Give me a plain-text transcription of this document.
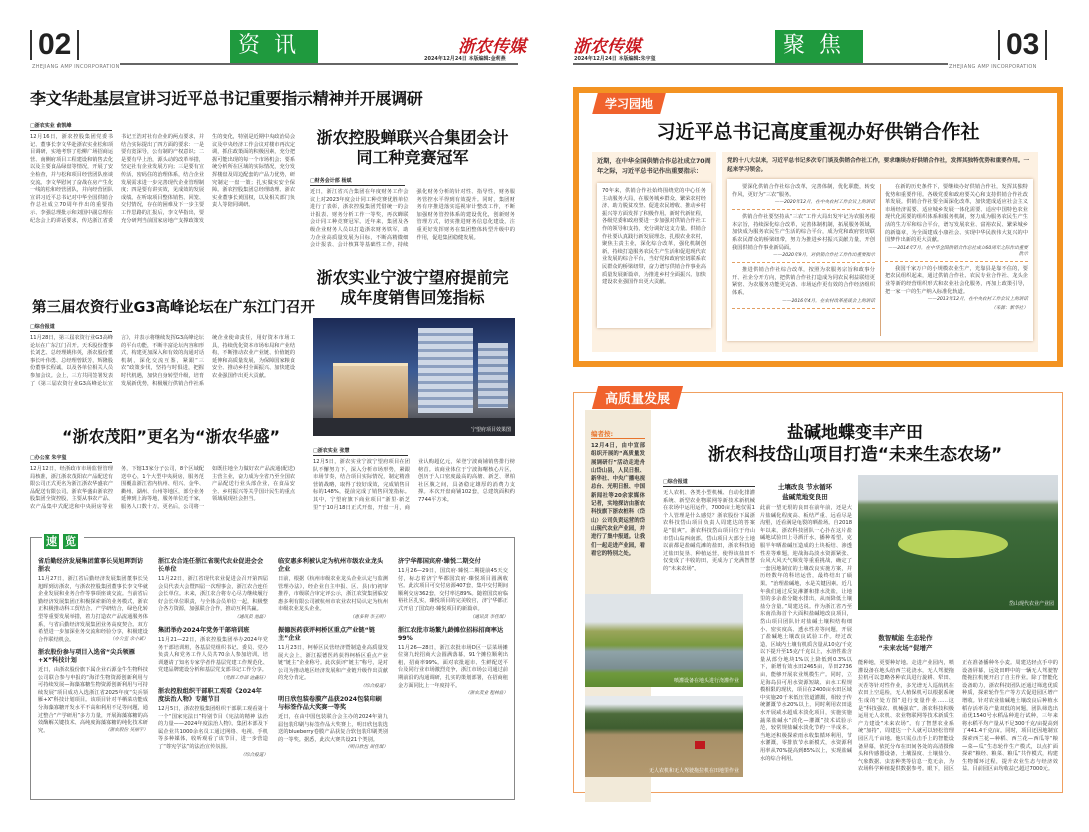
02
ZHEJIANG AMP INCORPORATION
资讯	浙农传媒
2024年12月24日 本版编辑:金莉燕
李文华赴基层宣讲习近平总书记重要指示精神并开展调研
□浙农实业 俞凯峰
12月16日，浙农控股集团党委书记、董事长李文华赴浙农实业松和项目调研，实地考察了松柳广场招商运营、南侧府项目工程建设和销售去化以及主要食品绿盘等情况，开展了安全检查，并与松和项目经营团队座谈交流。李文华慰问了奋战在房产生化一线的松和经营团队，并向经营团队宣讲习近平总书记对中华全国供销合作总社成立70周年作出的重要指示、李强总理批示和刘国中副总理在纪念会上的讲话要求，传达浙江省委书记王浩对社有企业的两点要求，并结合实际提出了四方面的要求：一是要有宽深导，公有制的产权意识；二是要有早上治，源头动的改革举措，坚定社有企业发展方向；三是要有宣传活，密码住的治理体系，结合企业发展需求进一步完善现代企业管理制度；四是要有讲实效，见成效的发展成绩。在听取项目整体销售、回笼、交付情况，存在的困难及下一步主要工作思路的汇报后，李文华指出，要充分研判当前国家房地产支撑政策发生的变化，特别是近期中央政治局会议及中央经济工作会议对楼市再次定调，抓住政策面的积极因素，充分把握可能出现的每一个市场机会；要系统分析所在区域的实际情况，充分发挥楼盘及周边配套的产品力优势，研究制定一盘一策；扎实做实安全保障。浙农控股集团总经理助理、浙农实业董事长黄国权，以及相关部门负责人等陪同调研。
浙农控股蝉联兴合集团会计同工种竞赛冠军
□财务会计部 杨斌
近日，浙江省兴合集团在年度财务工作会议上对2023年度会计同工种竞赛优胜单位进行了表彰，浙农控股集团凭借统一的会计报表、财务分析工作一等奖，再次蝉联会计同工种竞赛冠军。近年来，集团及各级企业财务人员以打造浙农财务铁军，助力企业高质量发展为目标，不断高精微细会计报表、会计核算等基础性工作，持续强化财务分析的针对性、指导性，财务服务管控水平得到有效提升。同时，集团财务有序推进落实巡视审计整改工作，不断加强财务管控体系的建设优化，创新财务管理方式，切实推进财务信息化建设，注重更好发挥财务在集团整体转型升级中的作用，促进集团稳健发展。
浙农实业宁波宁望府提前完成年度销售回笼指标
宁望府项目效果图
□浙农实业 张慧
12月5日，浙农实业宁波宁望府项目在团队不懈努力下，深入分析市场形势，紧跟市场节奏，结合项目实际情况，制定精准营销战略，取得了较好成效，完成销售目标的148%，提前完成了销售回笼指标。其中，宁望府旗下商业项目“浙里·新芝里”于10月18日正式开盘，开盘一月，商业认购超亿元，荣登宁波商铺销售排行榜榜首。该商业体位于宁波海曙核心片区，创历于人口密度最高的高塘、新芝、翠柏社区腹之间，具备稳定雄厚的消费力支撑。本次开盘商铺102套，总建筑面积约7744平方米。
第三届农资行业G3高峰论坛在广东江门召开
□综合报道
11月28日，第三届农资行业G3高峰论坛在广东江门召开。天禾股份董事长刘艺、总经理姚伟英，浙农股份董事长叶伟勇、总经理曾跃芳，辉隆股份董事长程诚，以及各单位相关人员参加会议。会上，三方共同签署发表了《第三届农资行业G3高峰论坛宣言》，并表示将继续发挥G3高峰论坛的平台功能，不断丰富论坛内容和形式，构建更加深入和有效的沟通对话机制，深化交流互鉴，紧跟“三农”政策步伐，坚持与时俱进，把握时代机遇，加快自身转型升级，培育发展新优势，积极履行供销合作社系统企业使命责任，用好资本市场工具，持续优化资本市场布局和产业结构，不断推动农业产业链、价值链的延伸和高质量发展，为保障国家粮食安全、推动乡村全面振兴、加快建设农业强国作出更大贡献。
“浙农茂阳”更名为“浙农华盛”
□办公室 朱宇玺
12月12日，经浙政市市场监督管理局核准，浙江浙农茂阳农产品配送有限公司正式更名为浙江浙农华盛农产品配送有限公司。浙农华盛由浙农控股集团全资控股，主要从事农产品、农产品集中式配送和中央厨房等业务，下辖13家分子公司，8个区域配送中心，1个大型中央厨房，服务范围覆盖浙江省内杭州、绍兴、金华、衢州、湖州、台州等地区，部分业务延伸到上海等地，服务单位近千家，服务人口数十万。更名后，公司将一如既往地全力做好农产品流通(配送)主营主业，奋力成为全省乃至全国农产品配送行业头部企业，在食品安全、乡村振兴等关乎国计民生的重点领域展现社会担当。
速 览
省后勤经济发展集团董事长吴旭晖到访浙农
11月27日，浙江省后勤经济发展集团董事长吴旭晖到访浙农，与浙农控股集团董事长李文华就企业发展和业务合作等事项座谈交流。当前省后勤经济发展集团正积极探索新的业务模式，浙农正积极推动科工贸结合、产学研结合，绿色化转型等重要发展举措，着力打造农产品流通服务体系，与省后勤经济发展集团业务高度契合。双方希望进一步加深业务交流和经验分享，积极建设合作联结机会。	（办公室 余小斌）
浙农股份参与项目入选省“尖兵领雁+X”科技计划
近日，由浙农股份旗下属企业石源金牛生物科技公司联合参与申报的“海洋生物资源创新利用与可持续发展—海藻寡糖生物资源创新利用与可持续发展”项目成功入选浙江省2025年度“尖兵领雁+X”科技计划项目。该项目针对羊栖菜功能成分海藻寡糖开发水平不高和利用不足等问题，通过整合“产学研用”多方力量，开展海藻寡糖的高效酶解关键技术、高纯度海藻寡糖的纯化技术研究。	（浙农股份 吴丽宇）
浙江农合连任浙江省现代农业促进会会长单位
11月22日，浙江省现代农业促进会召开第四届会员代表大会暨四届一次理事会，浙江农合连任会长单位。未来，浙江农合将专心尽力继续履行好会长单位职责，与全体会员单位一起，积极整合各方资源，加强联合合作，推动互利共赢。
（通讯员 池磊）
集团举办2024年党务干部培训班
11月21—22日，浙农控股集团举办2024年党务干部培训班，各基层党组织书记、委员、党办负责人和党务工作人员共70余人参加培训。培训邀请了知名专家学者作基层党建工作规范化、党建品牌建设分析和基层党支部书记工作分享。
（党群工作部 池鑫钰）
浙农控股组织干部职工观看《2024年度法治人物》专题节目
12月5日，浙农控股集团组织干部职工观看第十一个“国家宪法日”特别节目《宪法的精神 法治的力量——2024年度法治人物》。集团本部及下属企业共1000余名员工通过网络、电视、手机等多种媒体，收听观看了该节目，进一步营造了“尊宪学法”的法治宣传氛围。
（综合报道）
临安惠多利被认定为杭州市级农业龙头企业
日前，根据《杭州市级农业龙头企业认定与监测管理办法》，经企业自主申报、区、县(市)初审推荐，市级联合审定评公示，浙江农资集团临安惠多利有限公司被杭州市农业农村局认定为杭州市级农业龙头企业。
（惠多利 李玉明）
振德医药获评柯桥区重点产业链“链主”企业
11月23日，柯桥区民营经济暨制造业高质量发展大会上，浙江振德医药获得柯桥区重点产业链“链主”企业称号。此次获评“链主”称号，是对公司为推动地区经济发展和产业链升级作出贡献的充分肯定。
（综合报道）
明日欣包装卷膜产品获2024包装印刷与标签作品大奖赛一等奖
近日，在由中国包装联合会主办的2024年第九届包装印刷与标签作品大奖赛上，明日欣包装选送的blueberry卷膜产品获复合软包装印刷类别的一等奖。据悉，此次大赛共设21个类别。
（明日欣包 周佳琪）
济宁华都国宾府·臻悦二期交付
11月26—29日，国宾府·臻悦二期提前45天交付，标志着济宁华都国宾府·臻悦项目圆满收官。此次项目可交付房源407套，集中交付期间顺利交房362套，交付率达89%。随着国宾府临裕社区扎实，臻悦项目的完美收官，济宁华都正式开启了国宾府·臻悦项目的新篇章。
（通讯员 李佳琪）
浙江农批市场繁九龄摊位招标招商率达99%
11月26—28日，浙江农批市场D区一层菜场摊位第九轮招商大会圆满落幕，91个摊位顺利出租，招商率99%。面对农批超市、生鲜配送平台及同行业市场激烈竞争，浙江市场公司通过前期前沿的沟通调研，扎实的策划部署，在招商租金方面同比上一年度持平。
（浙农茂业 程林益）
浙农传媒
2024年12月24日 本版编辑:朱宇玺
聚焦	03
ZHEJIANG AMP INCORPORATION
学习园地
习近平总书记高度重视办好供销合作社
近期，在中华全国供销合作总社成立70周年之际，习近平总书记作出重要指示：
70年来，供销合作社始终围绕党的中心任务主动服务大局，在服务城乡群众、繁荣农村经济、助力脱贫攻坚、促进农民增收、推动乡村振兴等方面发挥了积极作用。新时代新征程，各级党委和政府要进一步加强对供销合作社工作的领导和支持，充分调好这支力量。供销合作社要认真践行新发展理念，扎根农业农村，聚焦主责主业，深化综合改革，强化机制创新，持续打造服务农民生产生活和促进现代农业发展的综合平台，当好党和政府密切联系农民群众的桥梁纽带，奋力谱写供销合作事业高质量发展新篇章，为推进乡村全面振兴、加快建设农业强国作出更大贡献。
党的十八大以来，习近平总书记多次专门谈及供销合作社工作，要求继续办好供销合作社，发挥其独特优势和重要作用。一起来学习领会。
要深化供销合作社综合改革，完善体制，优化职能，转变作风，更好为“三农”服务。
——2020年12月，在中央农村工作会议上的讲话
供销合作社要坚持从“三农”工作大局出发牢记为农服务根本宗旨，持续深化综合改革，完善体制机制，拓展服务领域，加快成为服务农民生产生活的综合平台，成为党和政府密切联系农民群众的桥梁纽带，努力为推进乡村振兴贡献力量，开创我国供销合作事业新局面。
——2020年9月，对供销合作社工作作出重要指示
推进供销合作社综合改革，按照为农服务宗旨和政事分开、社企分开方向，把供销合作社打造成为同农民利益联结更紧密、为农服务功能更完备、市场运作更有效的合作经济组织体系。
——2016年4月，在农村改革座谈会上的讲话
在新的历史条件下，要继续办好供销合作社，发挥其独特优势和重要作用。各级党委和政府要关心和支持供销合作社改革发展。供销合作社要全面深化改革，加快建成适应社会主义市场经济需要、适应城乡发展一体化需要、适应中国特色农业现代化需要的组织体系和服务机制，努力成为服务农民生产生活的生力军和综合平台，谱写发展农业、富裕农民、繁荣城乡的新篇章，为全面建成小康社会、实现中华民族伟大复兴的中国梦作出新的更大贡献。
——2014年7月，在中华全国供销合作总社成立60周年之际作出重要批示
我国千家万户的小规模农业生产，光靠县是靠不住的，要把农民组织起来，通过供销合作社、农民专业合作社、龙头企业等新的经营组织形式和农业社会化服务，再加上政策引导，把一家一户的生产纳入标准化轨道。
——2013年12月，在中央农村工作会议上的讲话
（来源：新华社）
高质量发展
编者按:
12月4日，由中宣部组织开展的“高质量发展调研行”活动走进舟山岱山县，人民日报、新华社、中央广播电视总台、光明日报、中国新闻社等20余家媒体记者，实地探访由浙农科技旗下浙农桩科（岱山）公司负责运营的岱山现代农业产业园，并进行了集中报道。让我们一起走进产业园，看看它的特别之处。
盐碱地蝶变丰产田
浙农科技岱山项目打造“未来生态农场”
□综合报道
无人农机、各类小型机械、自动化排灌系统、新型农业物联网等新技术新机械在农场中运用运作，7000亩土地仅需1个人管理是什么感觉？浙农股份下属浙农科技岱山项目负责人周建达的答案是“很爽”。浙农科技岱山项目位于舟山市岱山岛西南部，岱山项目大部分土地以前都是盐碱荒滩的盐田，浙农科技通过盐田复垦、种植运营，使得该盐田不仅变成了丰收的田，更成为了充满智慧的“未来农场”。
土壤改良 节水循环
盐碱荒地变良田
此前一望无垠的良田在前年前，还是大片盐碱化程度高、板结严重、远看尽是沟壑，近看满是龟裂的晒盐场。自2018年以来，浙农科技团队一心扑在这片盐碱地试验田上寻洒汗水，播种希望，克服半年晒盐碱压造成的土块板结、渗透性差等难题，迎战海岛淡水资源紧张、台风大风天气频发等重重挑战，确定了一套因地制宜的土壤改良实施方案，并历经数年的科培运营，最终结出了硕果。“治理盐碱地，水是关键因素。近几年我们通过反复淋灌和排水洗盐，让地里的多余盐分随水排出，从而降低土壤盐分含量。”周建达说。作为浙江省乃至东南沿海首个大面积盐碱地改良项目，岱山项目团队针对盐碱土壤积结构细小、密实度高、透水性差等问题，开展了盐碱地土壤改良试验工作。经过改造，区域内土壤有机质含量从10克/千克以下提升至15克/千克以上，水溶性盐含量从部分地块1%以上降低到0.3%以下，新增有效水田2465亩，旱田2736亩，能够开展农业规模生产。同时，立足海岛县可用水资源短缺、亩水工程规模相限的现状，项目在2400亩水田区域中实施20千米低压管道灌溉，相较于传统灌溉节水20%以上，同时利用农田退水开展咸水超成本淡化项目，实施实施蔬菜盐碱水“淡化—灌溉”技术试验示范，较常规盐碱水淡化节约一半成本。当地还积极探索雨水收集循环利用，节水灌溉，零排放节水新模式，水资源利用率从70%提高到85%以上，实现盐碱水的综合利用。
岱山现代农业产业园
喷灌设备在地头进行浇灌作业
无人农机和无人驾驶拖拉机在田地里作业
数智赋能 生态轮作
“未来农场”促增产
能种地，更要种好地。走进产业园内，喷灌设备在地头给西兰花浇水，无人驾驶拖拉机可以忽略各种农具进行旋耕、犁田、灭茬等针对性作业，多光谱无人巡航机在农田上空巡检，无人植保机可以根据系统生成的“处方图”进行变量作业……这是“科技强农、机械强农”。浙农科技积极运用无人农机、农业物联网等技术新质生产力建设“未来农场”。有了智慧农业系统“加持”，周建达一个人就可以轻松管理园区几千亩地。他只需点击手上的智能设备屏幕，依托分布在田间各处的高清摄像头和传感器设备，土壤湿度、土壤盐分、气象数据、虫害种类等信息一览无余，为农场科学种植提供数据参考。眼下，园区正在准备播种冬小麦。周建达轻点手中的设备屏幕，远处田畔中的一辆无人驾驶智能拖拉机便开启了自主作业。除了智能化设备助力，浙农科技团队还通过筛选优质种质，探索轮作生产等方式促进园区增产增收。针对农业盐碱地土壤改良后种植水稻存活率及产量双低的问题，团队筛选出甬优1540号水稻品种进行试种，三年来将水稻平均产量从不足300千克/亩提高到了441.4千克/亩。同时，项目还因地制宜探索西兰花—种稻、西兰花—西瓜等“粮—菜—瓜”生态轮作生产模式，以点扩面探索“粮经、粮菜、粮瓜”共作模式，构建生物循环过程，提升农业生态与经济效益。目前园区亩均收益已超过7000元。
